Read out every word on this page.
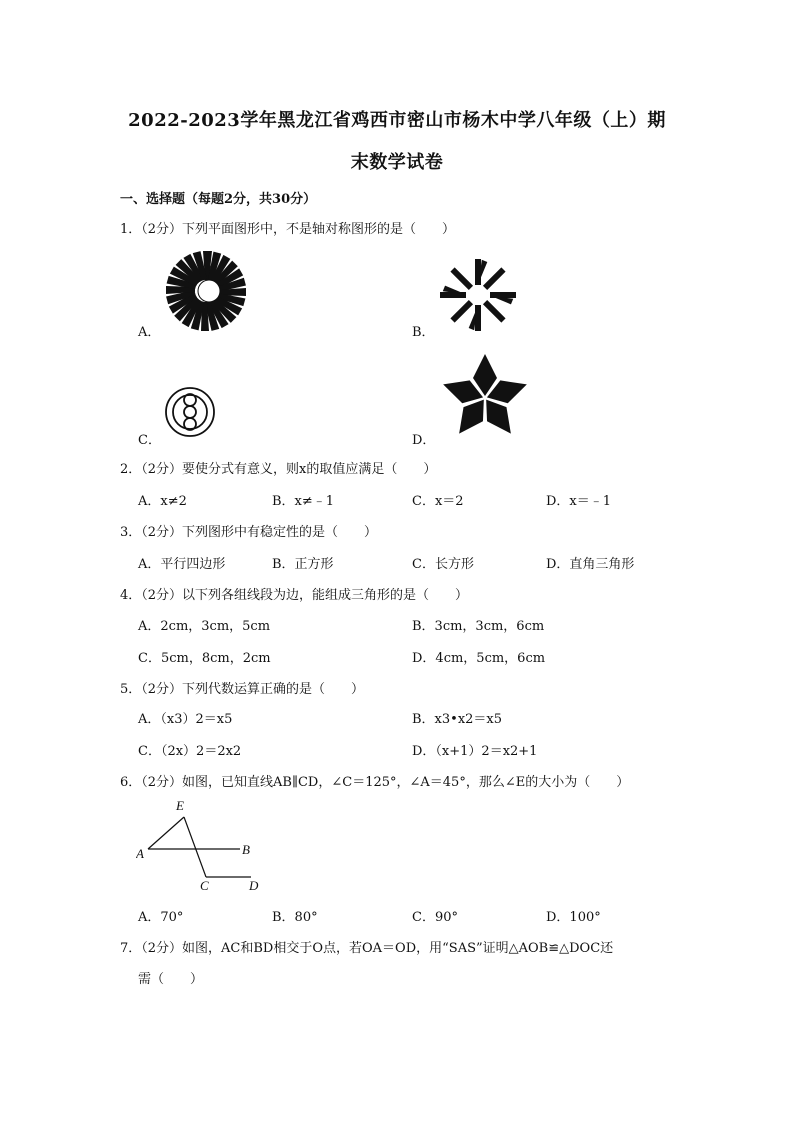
2022-2023学年黑龙江省鸡西市密山市杨木中学八年级（上）期
末数学试卷
一、选择题（每题2分，共30分）
1．（2分）下列平面图形中，不是轴对称图形的是（　　）
A．	B．
C．	D．
2．（2分）要使分式有意义，则x的取值应满足（　　）
A．x≠2	B．x≠﹣1	C．x＝2	D．x＝﹣1
3．（2分）下列图形中有稳定性的是（　　）
A．平行四边形	B．正方形	C．长方形	D．直角三角形
4．（2分）以下列各组线段为边，能组成三角形的是（　　）
A．2cm，3cm，5cm	B．3cm，3cm，6cm
C．5cm，8cm，2cm	D．4cm，5cm，6cm
5．（2分）下列代数运算正确的是（　　）
A．（x3）2＝x5	B．x3•x2＝x5
C．（2x）2＝2x2	D．（x+1）2＝x2+1
6．（2分）如图，已知直线AB∥CD，∠C＝125°，∠A＝45°，那么∠E的大小为（　　）
E
A	B
C	D
A．70°	B．80°	C．90°	D．100°
7．（2分）如图，AC和BD相交于O点，若OA＝OD，用“SAS”证明△AOB≌△DOC还
需（　　）
